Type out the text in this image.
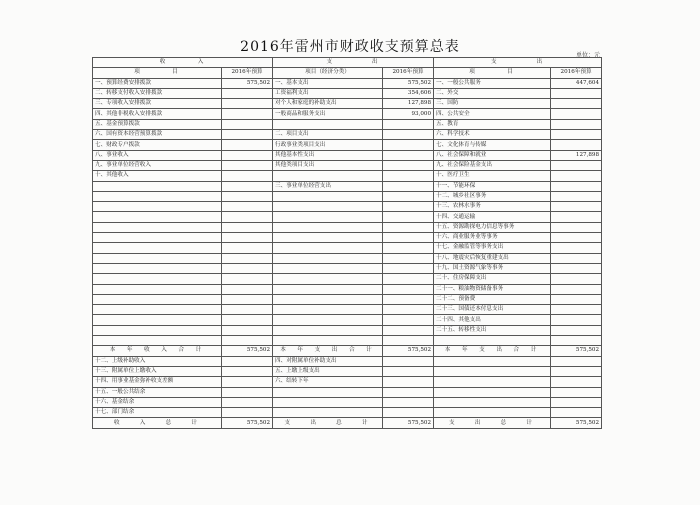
2016年雷州市财政收支预算总表
单位：元
收　　　　入		支　　　　　出		支　　　　　出	
项　　　　目	2016年预算	项目（经济分类）	2016年预算	项　　　　目	2016年预算
一、预算经费安排拨款	575,502	一、基本支出	575,502	一、一般公共服务	447,604
二、转移支付收入安排拨款		工资福利支出	354,606	二、外交	
三、专项收入安排拨款		对个人和家庭的补助支出	127,898	三、国防	
四、其他非税收入安排拨款		一般商品和服务支出	93,000	四、公共安全	
五、基金预算拨款				五、教育	
六、国有资本经营预算拨款		二、项目支出		六、科学技术	
七、财政专户拨款		行政事业类项目支出		七、文化体育与传媒	
八、事业收入		其他基本性支出		八、社会保障和就业	127,898
九、事业单位经营收入		其他类项目支出		九、社会保险基金支出	
十、其他收入				十、医疗卫生	
		三、事业单位经营支出		十一、节能环保	
				十二、城乡社区事务	
				十三、农林水事务	
				十四、交通运输	
				十五、资源勘探电力信息等事务	
				十六、商业服务业等事务	
				十七、金融监管等事务支出	
				十八、地震灾后恢复重建支出	
				十九、国土资源气象等事务	
				二十、住房保障支出	
				二十一、粮油物资储备事务	
				二十二、预备费	
				二十三、国债还本付息支出	
				二十四、其他支出	
				二十五、转移性支出	

本　年　收　入　合　计	575,502	本　年　支　出　合　计	575,502	本　年　支　出　合　计	575,502
十二、上级补助收入		四、对附属单位补助支出			
十三、附属单位上缴收入		五、上缴上级支出			
十四、用事业基金弥补收支差额		六、结转下年			
十五、一般公共结余					
十六、基金结余					
十七、部门结余					
收　　入　　总　　计	575,502	支　　出　　总　　计	575,502	支　　出　　总　　计	575,502
